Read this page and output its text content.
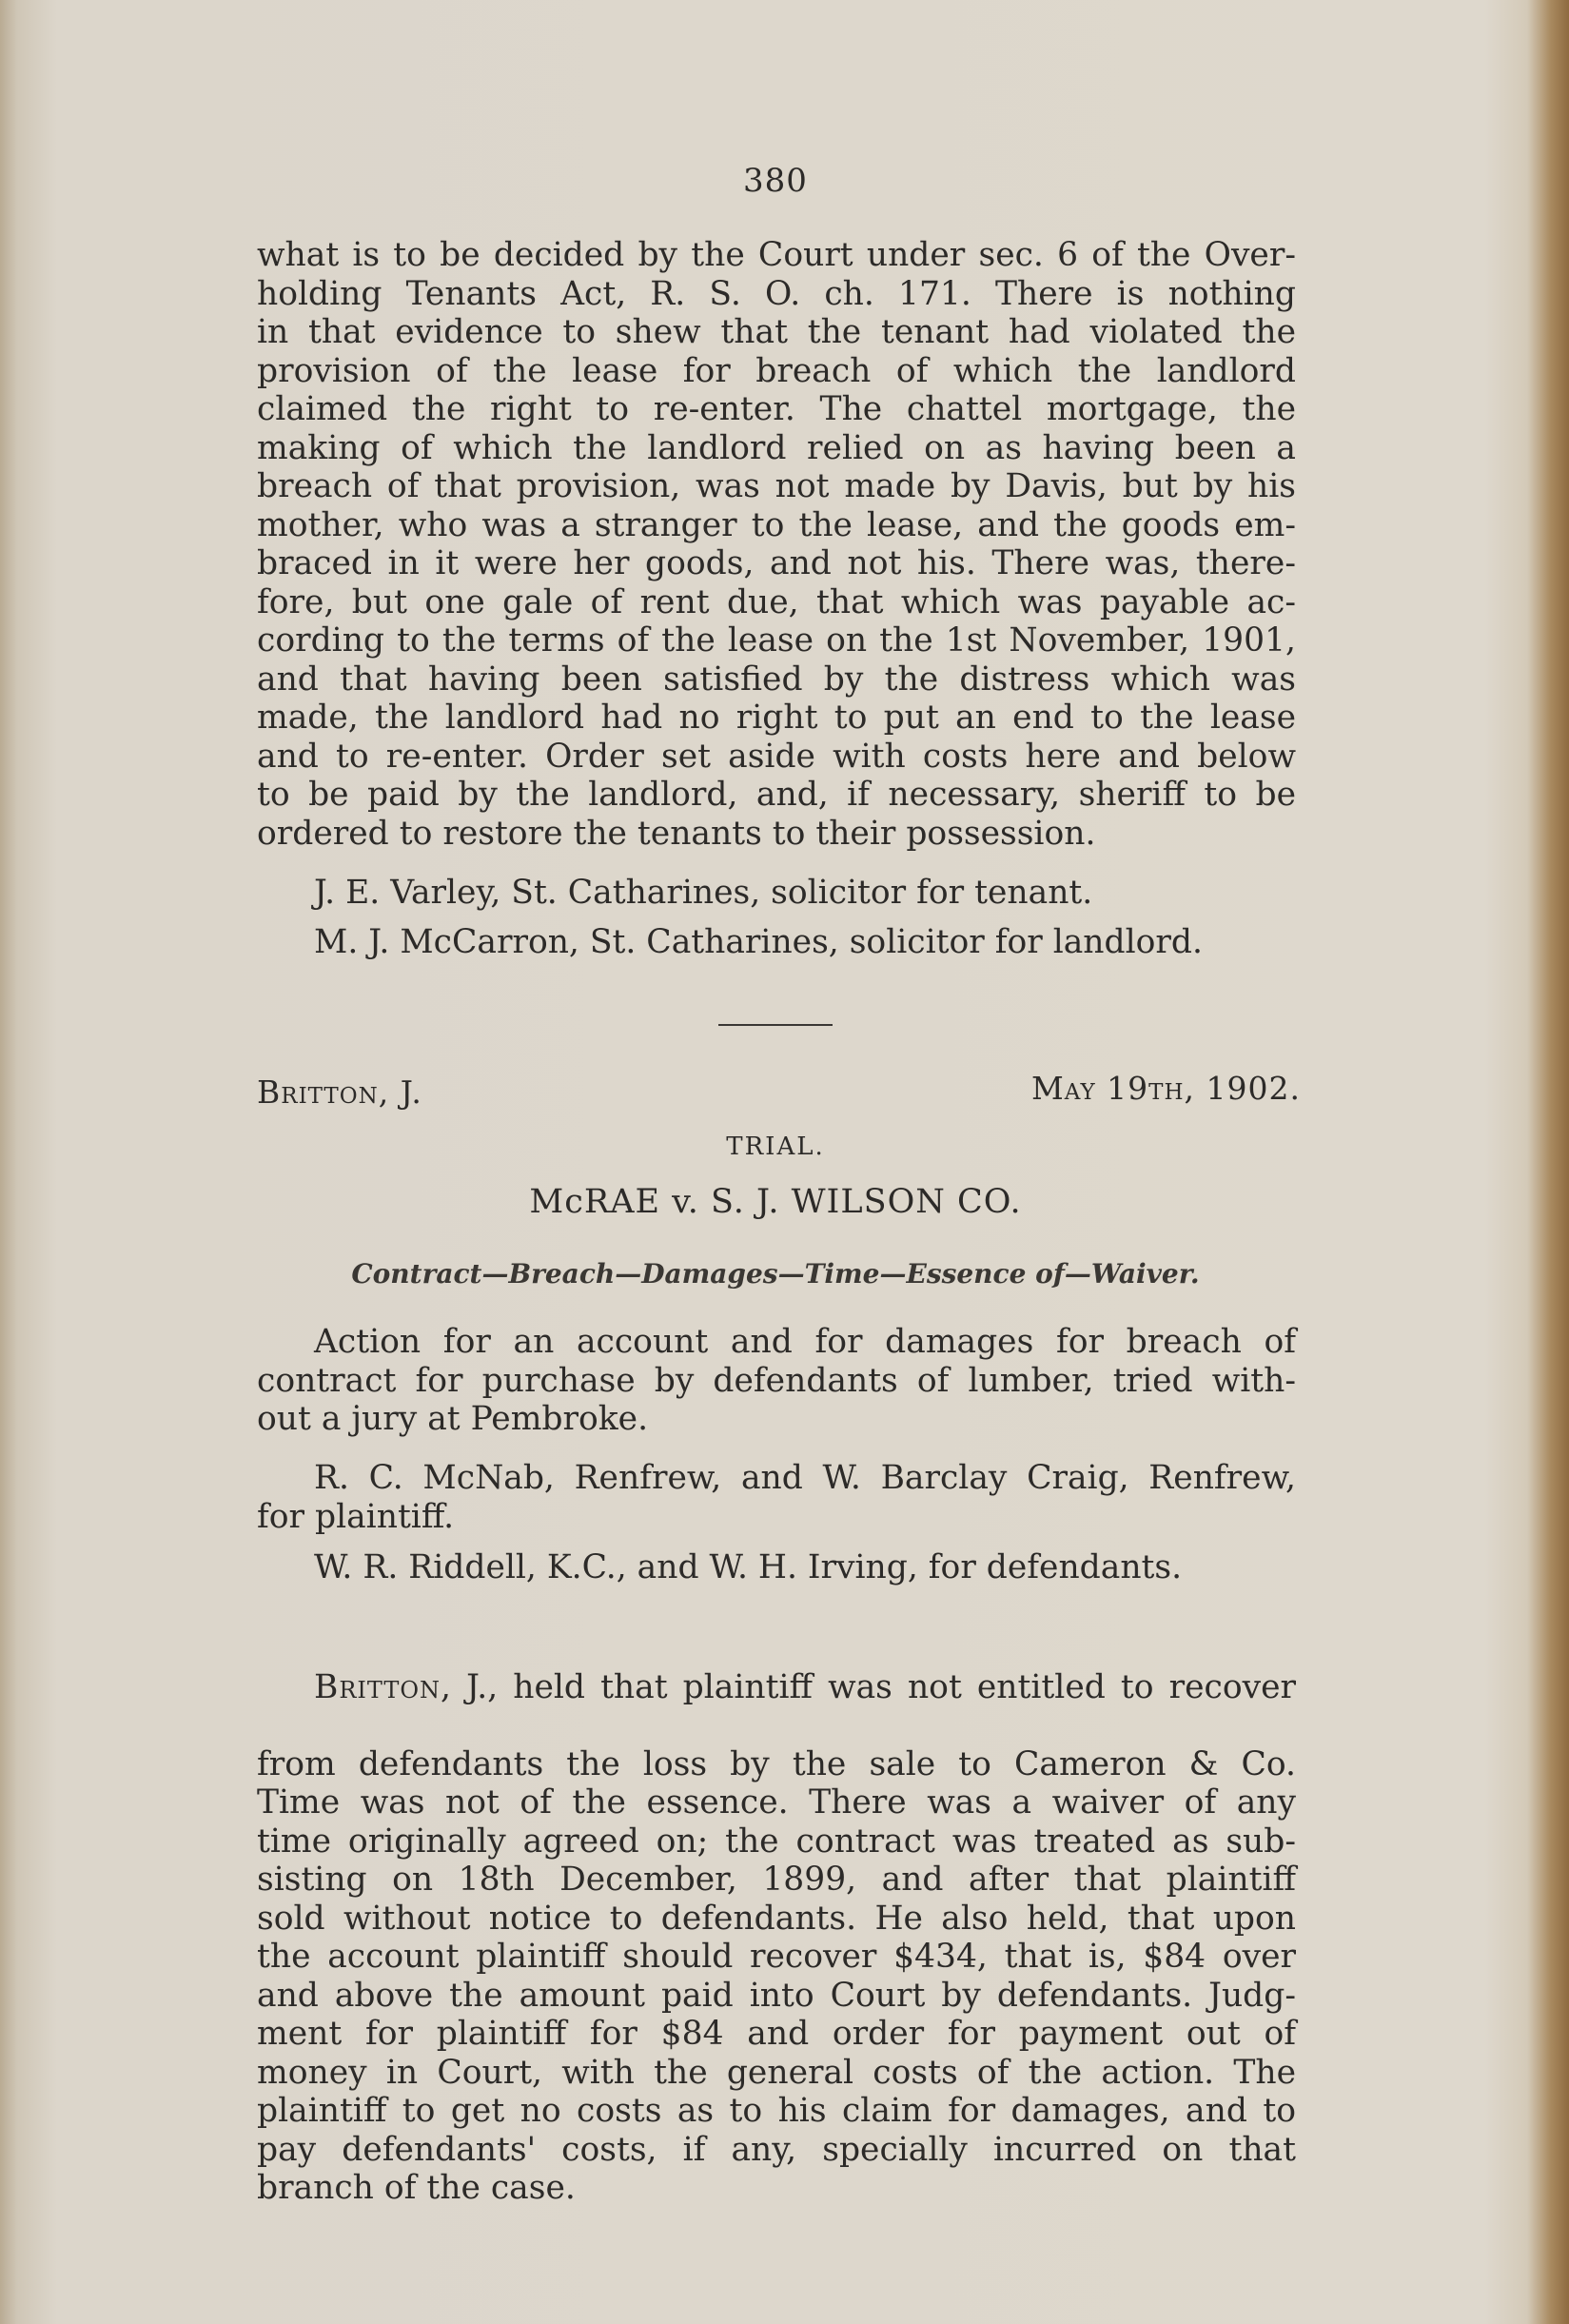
380
what is to be decided by the Court under sec. 6 of the Over-
holding Tenants Act, R. S. O. ch. 171. There is nothing
in that evidence to shew that the tenant had violated the
provision of the lease for breach of which the landlord
claimed the right to re-enter. The chattel mortgage, the
making of which the landlord relied on as having been a
breach of that provision, was not made by Davis, but by his
mother, who was a stranger to the lease, and the goods em-
braced in it were her goods, and not his. There was, there-
fore, but one gale of rent due, that which was payable ac-
cording to the terms of the lease on the 1st November, 1901,
and that having been satisfied by the distress which was
made, the landlord had no right to put an end to the lease
and to re-enter. Order set aside with costs here and below
to be paid by the landlord, and, if necessary, sheriff to be
ordered to restore the tenants to their possession.
J. E. Varley, St. Catharines, solicitor for tenant.
M. J. McCarron, St. Catharines, solicitor for landlord.
Britton, J.	May 19th, 1902.
TRIAL.
McRAE v. S. J. WILSON CO.
Contract—Breach—Damages—Time—Essence of—Waiver.
Action for an account and for damages for breach of
contract for purchase by defendants of lumber, tried with-
out a jury at Pembroke.
R. C. McNab, Renfrew, and W. Barclay Craig, Renfrew,
for plaintiff.
W. R. Riddell, K.C., and W. H. Irving, for defendants.

Britton, J., held that plaintiff was not entitled to recover

from defendants the loss by the sale to Cameron & Co.
Time was not of the essence. There was a waiver of any
time originally agreed on; the contract was treated as sub-
sisting on 18th December, 1899, and after that plaintiff
sold without notice to defendants. He also held, that upon
the account plaintiff should recover $434, that is, $84 over
and above the amount paid into Court by defendants. Judg-
ment for plaintiff for $84 and order for payment out of
money in Court, with the general costs of the action. The
plaintiff to get no costs as to his claim for damages, and to
pay defendants' costs, if any, specially incurred on that
branch of the case.
